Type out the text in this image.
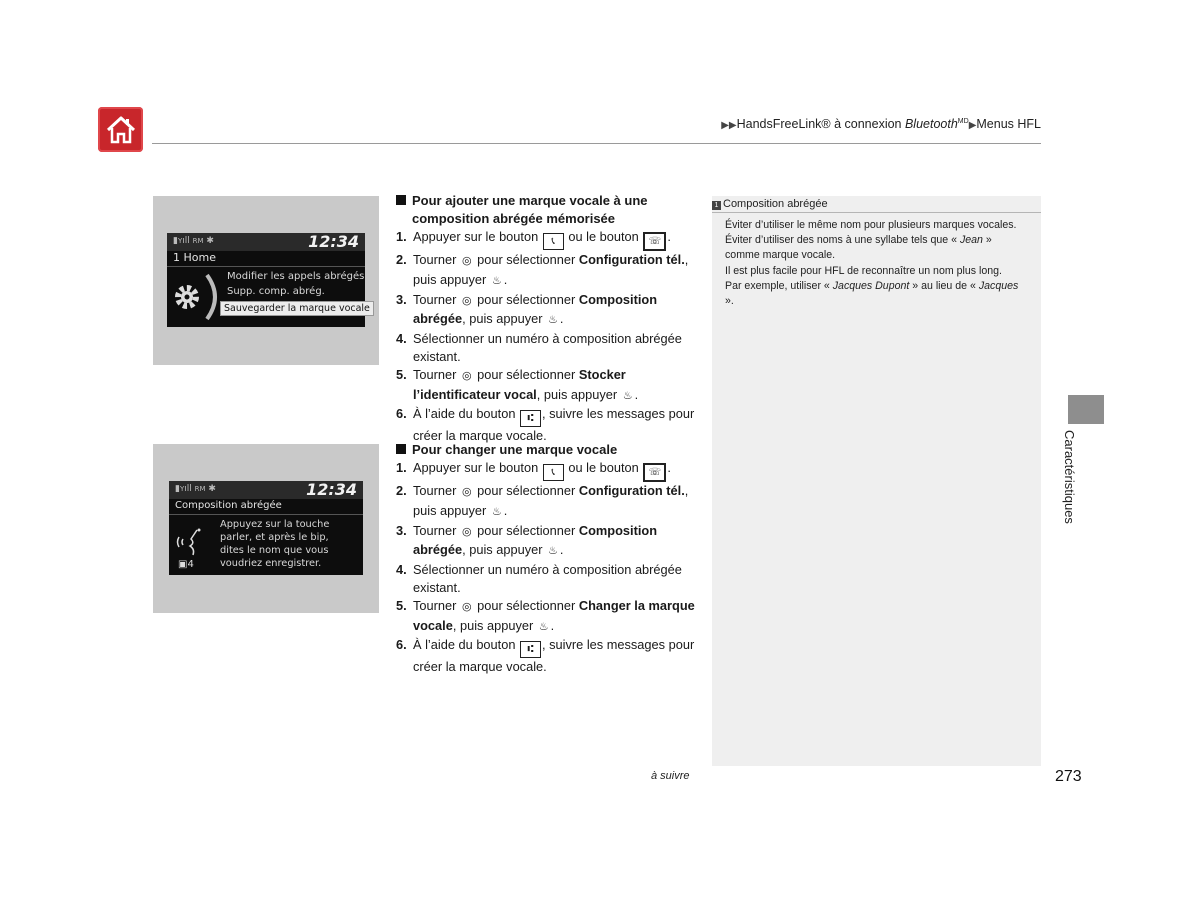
▶▶HandsFreeLink® à connexion Bluetooth$^{MD}$▶Menus HFL
▮Yıll RM ✱	12:34
1 Home
Modifier les appels abrégés
Supp. comp. abrég.
Sauvegarder la marque vocale
▮Yıll RM ✱	12:34
Composition abrégée
▣4
Appuyez sur la touche
parler, et après le bip,
dites le nom que vous
voudriez enregistrer.
Pour ajouter une marque vocale à une composition abrégée mémorisée
1. Appuyer sur le bouton 📞︎ ou le bouton ☏ .
2. Tourner ◎ pour sélectionner Configuration tél., puis appuyer ♨︎ .
3. Tourner ◎ pour sélectionner Composition abrégée, puis appuyer ♨︎ .
4. Sélectionner un numéro à composition abrégée existant.
5. Tourner ◎ pour sélectionner Stocker l’identificateur vocal, puis appuyer ♨︎ .
6. À l’aide du bouton ⑆ , suivre les messages pour créer la marque vocale.
Pour changer une marque vocale
1. Appuyer sur le bouton 📞︎ ou le bouton ☏ .
2. Tourner ◎ pour sélectionner Configuration tél., puis appuyer ♨︎ .
3. Tourner ◎ pour sélectionner Composition abrégée, puis appuyer ♨︎ .
4. Sélectionner un numéro à composition abrégée existant.
5. Tourner ◎ pour sélectionner Changer la marque vocale, puis appuyer ♨︎ .
6. À l’aide du bouton ⑆ , suivre les messages pour créer la marque vocale.
1 Composition abrégée

Éviter d’utiliser le même nom pour plusieurs marques vocales.

Éviter d’utiliser des noms à une syllabe tels que « Jean » comme marque vocale.

Il est plus facile pour HFL de reconnaître un nom plus long.

Par exemple, utiliser « Jacques Dupont » au lieu de « Jacques ».

Caractéristiques
à suivre	273
